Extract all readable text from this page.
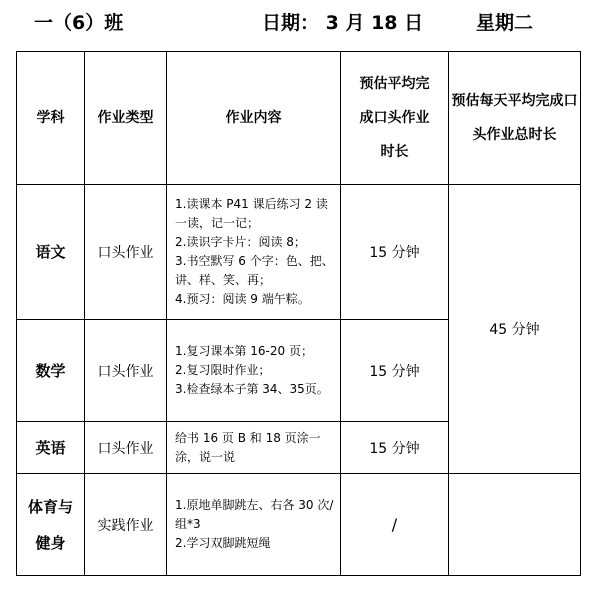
一（6）班	日期： 3 月 18 日	星期二
学科	作业类型	作业内容	预估平均完成口头作业时长	预估每天平均完成口头作业总时长
语文	口头作业	1.读课本 P41 课后练习 2 读一读，记一记；
2.读识字卡片：阅读 8；
3.书空默写 6 个字：色、把、讲、样、笑、再；
4.预习：阅读 9 端午粽。	15 分钟	45 分钟
数学	口头作业	1.复习课本第 16-20 页；
2.复习限时作业；
3.检查绿本子第 34、35页。	15 分钟	
英语	口头作业	给书 16 页 B 和 18 页涂一涂，说一说	15 分钟	
体育与健身	实践作业	1.原地单脚跳左、右各 30 次/组*3
2.学习双脚跳短绳	/	
